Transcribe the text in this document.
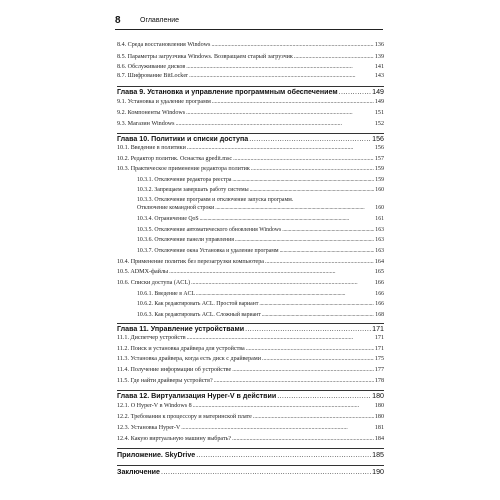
8	Оглавление
8.4. Среда восстановления Windows . . .	136
8.5. Параметры загрузчика Windows. Возвращаем старый загрузчик . . .	139
8.6. Обслуживание дисков . . .	141
8.7. Шифрование BitLocker . . .	143
Глава 9. Установка и управление программным обеспечением . . .	149
9.1. Установка и удаление программ . . .	149
9.2. Компоненты Windows . . .	151
9.3. Магазин Windows . . .	152
Глава 10. Политики и списки доступа . . .	156
10.1. Введение в политики . . .	156
10.2. Редактор политик. Оснастка gpedit.msc . . .	157
10.3. Практическое применение редактора политик . . .	159
10.3.1. Отключение редактора реестра . . .	159
10.3.2. Запрещаем завершать работу системы . . .	160
10.3.3. Отключение программ и отключение запуска программ.
Отключение командной строки . . .	160
10.3.4. Ограничение QoS . . .	161
10.3.5. Отключение автоматического обновления Windows . . .	163
10.3.6. Отключение панели управления . . .	163
10.3.7. Отключение окна Установка и удаление программ . . .	163
10.4. Применение политик без перезагрузки компьютера . . .	164
10.5. ADMX-файлы . . .	165
10.6. Списки доступа (ACL) . . .	166
10.6.1. Введение в ACL . . .	166
10.6.2. Как редактировать ACL. Простой вариант . . .	166
10.6.3. Как редактировать ACL. Сложный вариант . . .	168
Глава 11. Управление устройствами . . .	171
11.1. Диспетчер устройств . . .	171
11.2. Поиск и установка драйвера для устройства . . .	171
11.3. Установка драйвера, когда есть диск с драйверами . . .	175
11.4. Получение информации об устройстве . . .	177
11.5. Где найти драйверы устройств? . . .	178
Глава 12. Виртуализация Hyper-V в действии . . .	180
12.1. О Hyper-V в Windows 8 . . .	180
12.2. Требования к процессору и материнской плате . . .	180
12.3. Установка Hyper-V . . .	181
12.4. Какую виртуальную машину выбрать? . . .	184
Приложение. SkyDrive . . .	185
Заключение . . .	190
